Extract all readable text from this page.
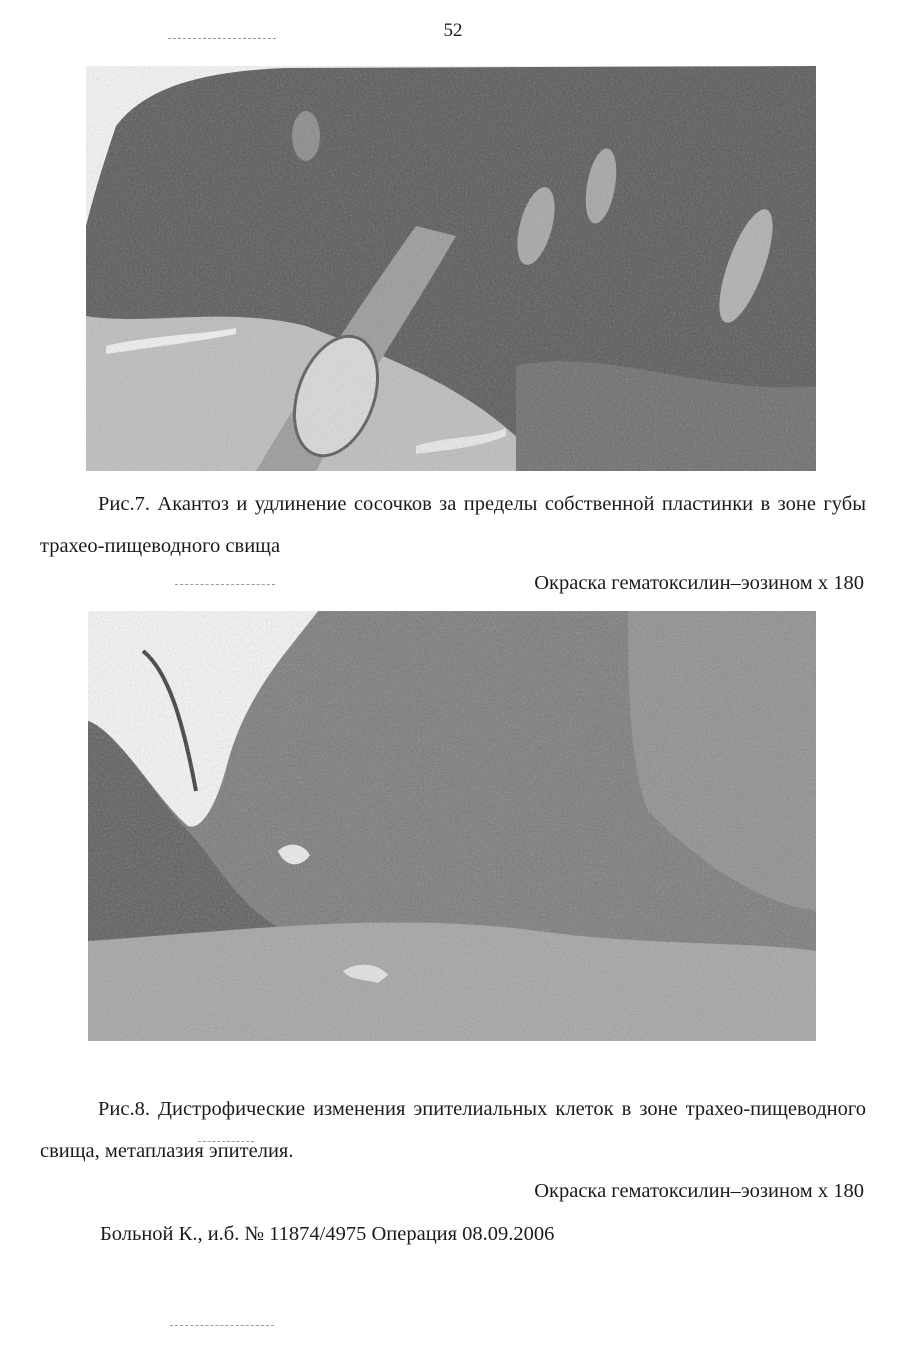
52
Рис.7. Акантоз и удлинение сосочков за пределы собственной пластинки в зоне губы трахео-пищеводного свища
Окраска гематоксилин–эозином х 180
Рис.8. Дистрофические изменения эпителиальных клеток в зоне трахео-пищеводного свища, метаплазия эпителия.
Окраска гематоксилин–эозином х 180
Больной К., и.б. № 11874/4975 Операция 08.09.2006
